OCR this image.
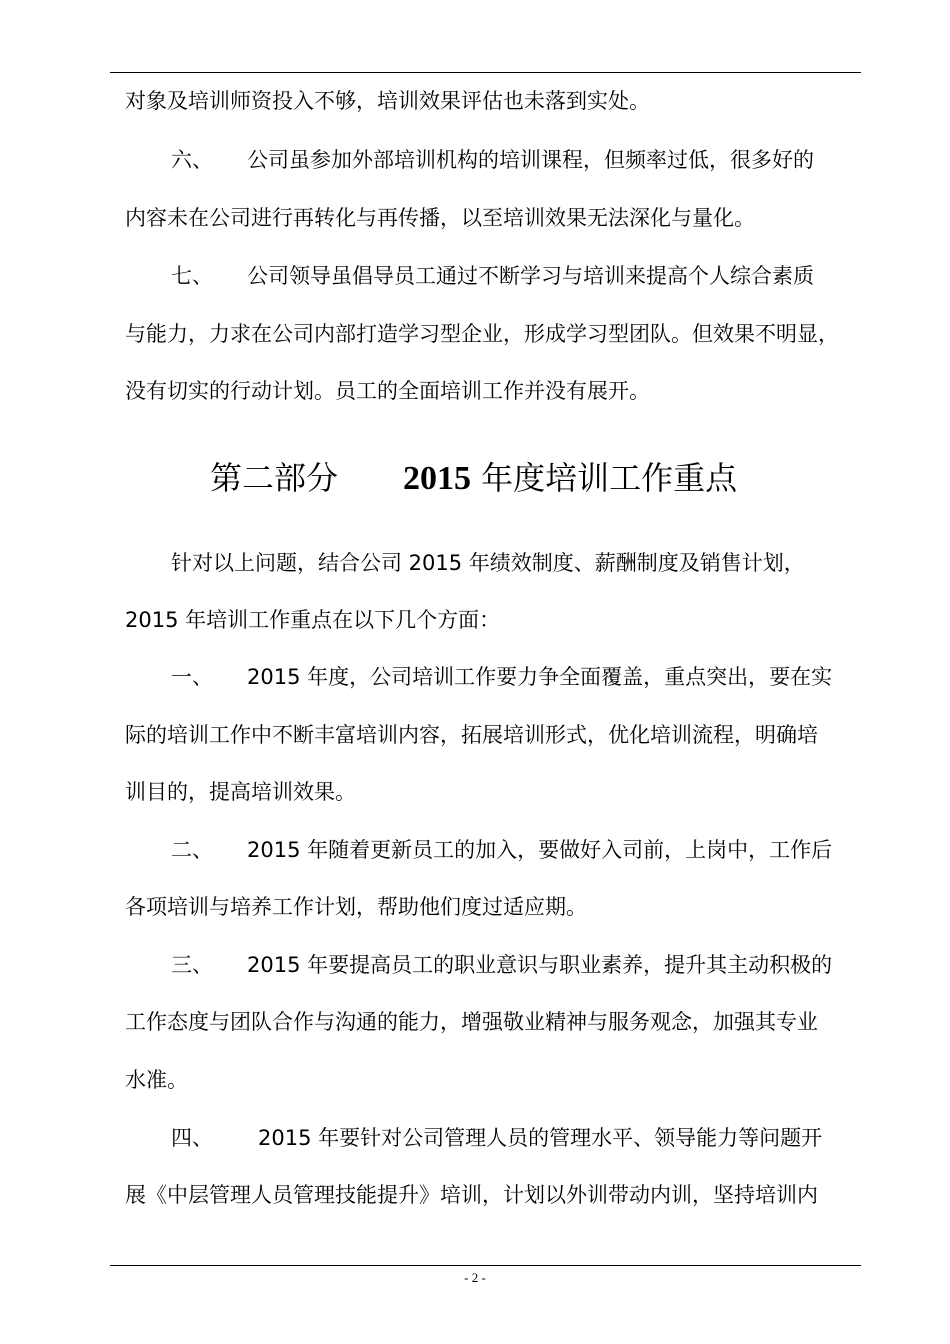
对象及培训师资投入不够，培训效果评估也未落到实处。
六、 公司虽参加外部培训机构的培训课程，但频率过低，很多好的
内容未在公司进行再转化与再传播，以至培训效果无法深化与量化。
七、 公司领导虽倡导员工通过不断学习与培训来提高个人综合素质
与能力，力求在公司内部打造学习型企业，形成学习型团队。但效果不明显，
没有切实的行动计划。员工的全面培训工作并没有展开。
第二部分 2015 年度培训工作重点
针对以上问题，结合公司 2015 年绩效制度、薪酬制度及销售计划，
2015 年培训工作重点在以下几个方面：
一、 2015 年度，公司培训工作要力争全面覆盖，重点突出，要在实
际的培训工作中不断丰富培训内容，拓展培训形式，优化培训流程，明确培
训目的，提高培训效果。
二、 2015 年随着更新员工的加入，要做好入司前，上岗中，工作后
各项培训与培养工作计划，帮助他们度过适应期。
三、 2015 年要提高员工的职业意识与职业素养，提升其主动积极的
工作态度与团队合作与沟通的能力，增强敬业精神与服务观念，加强其专业
水准。
四、 2015 年要针对公司管理人员的管理水平、领导能力等问题开
展《中层管理人员管理技能提升》培训，计划以外训带动内训，坚持培训内
- 2 -
